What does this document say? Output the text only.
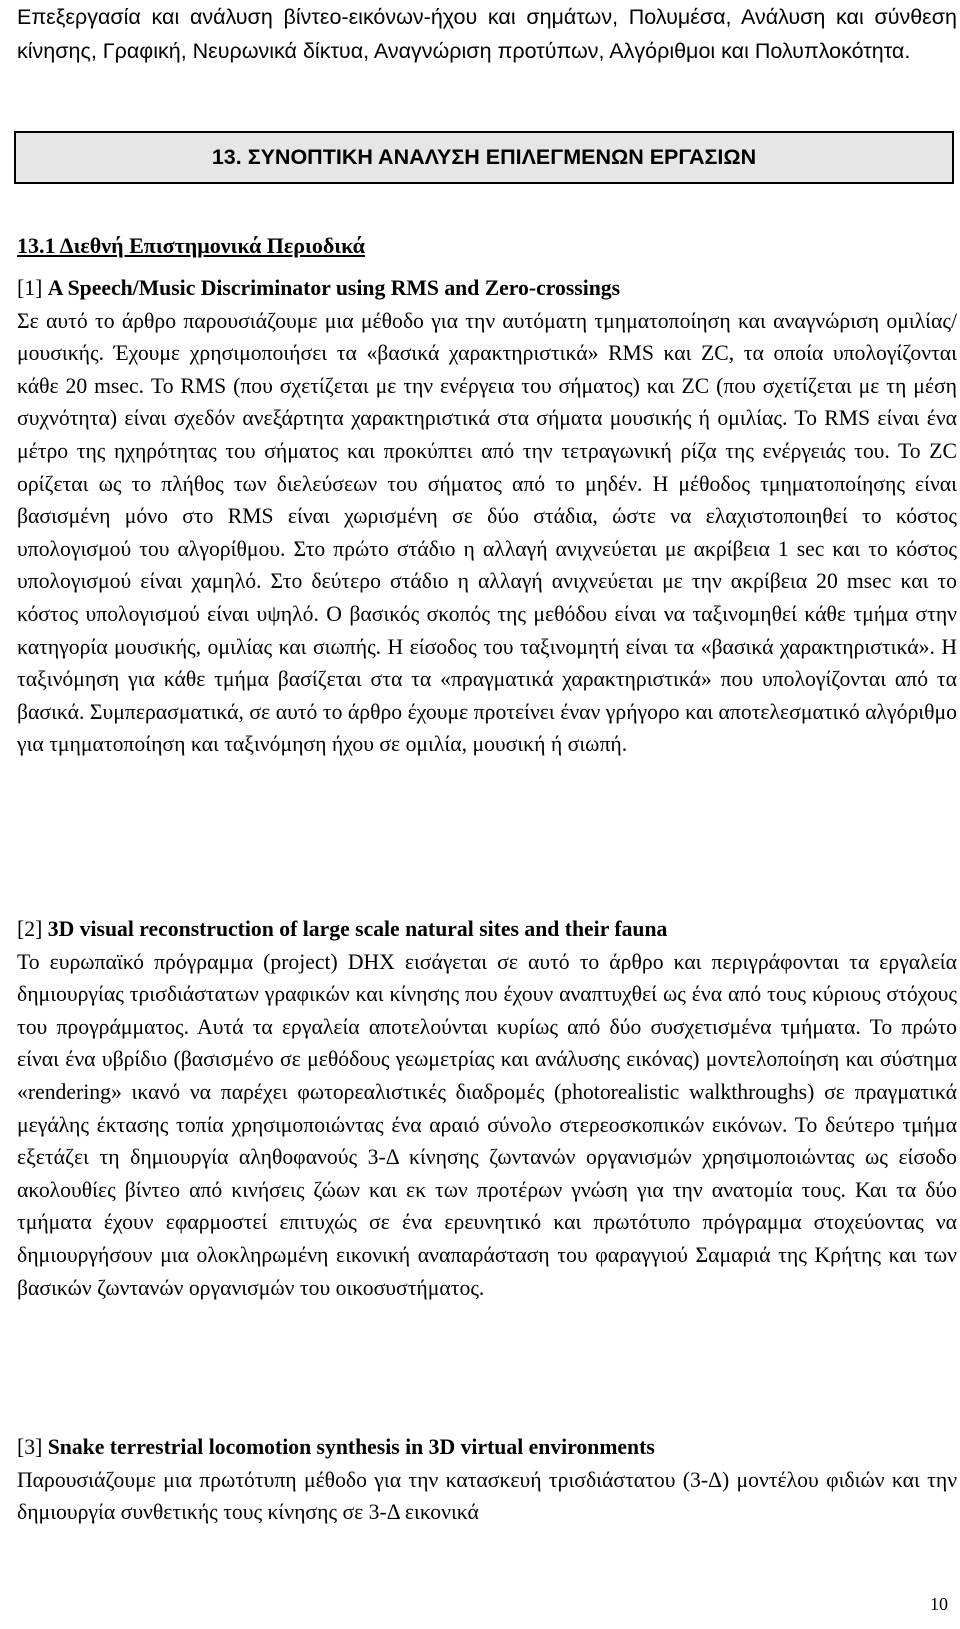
Επεξεργασία και ανάλυση βίντεο-εικόνων-ήχου και σημάτων, Πολυμέσα, Ανάλυση και σύνθεση κίνησης, Γραφική, Νευρωνικά δίκτυα, Αναγνώριση προτύπων, Αλγόριθμοι και Πολυπλοκότητα.
13. ΣΥΝΟΠΤΙΚΗ ΑΝΑΛΥΣΗ ΕΠΙΛΕΓΜΕΝΩΝ ΕΡΓΑΣΙΩΝ
13.1 Διεθνή Επιστημονικά Περιοδικά
[1] A Speech/Music Discriminator using RMS and Zero-crossings

Σε αυτό το άρθρο παρουσιάζουμε μια μέθοδο για την αυτόματη τμηματοποίηση και αναγνώριση ομιλίας/μουσικής. Έχουμε χρησιμοποιήσει τα «βασικά χαρακτηριστικά» RMS και ZC, τα οποία υπολογίζονται κάθε 20 msec. Το RMS (που σχετίζεται με την ενέργεια του σήματος) και ZC (που σχετίζεται με τη μέση συχνότητα) είναι σχεδόν ανεξάρτητα χαρακτηριστικά στα σήματα μουσικής ή ομιλίας. Το RMS είναι ένα μέτρο της ηχηρότητας του σήματος και προκύπτει από την τετραγωνική ρίζα της ενέργειάς του. Το ZC ορίζεται ως το πλήθος των διελεύσεων του σήματος από το μηδέν. Η μέθοδος τμηματοποίησης είναι βασισμένη μόνο στο RMS είναι χωρισμένη σε δύο στάδια, ώστε να ελαχιστοποιηθεί το κόστος υπολογισμού του αλγορίθμου. Στο πρώτο στάδιο η αλλαγή ανιχνεύεται με ακρίβεια 1 sec και το κόστος υπολογισμού είναι χαμηλό. Στο δεύτερο στάδιο η αλλαγή ανιχνεύεται με την ακρίβεια 20 msec και το κόστος υπολογισμού είναι υψηλό. Ο βασικός σκοπός της μεθόδου είναι να ταξινομηθεί κάθε τμήμα στην κατηγορία μουσικής, ομιλίας και σιωπής. Η είσοδος του ταξινομητή είναι τα «βασικά χαρακτηριστικά». Η ταξινόμηση για κάθε τμήμα βασίζεται στα τα «πραγματικά χαρακτηριστικά» που υπολογίζονται από τα βασικά. Συμπερασματικά, σε αυτό το άρθρο έχουμε προτείνει έναν γρήγορο και αποτελεσματικό αλγόριθμο για τμηματοποίηση και ταξινόμηση ήχου σε ομιλία, μουσική ή σιωπή.

[2] 3D visual reconstruction of large scale natural sites and their fauna

Το ευρωπαϊκό πρόγραμμα (project) DHX εισάγεται σε αυτό το άρθρο και περιγράφονται τα εργαλεία δημιουργίας τρισδιάστατων γραφικών και κίνησης που έχουν αναπτυχθεί ως ένα από τους κύριους στόχους του προγράμματος. Αυτά τα εργαλεία αποτελούνται κυρίως από δύο συσχετισμένα τμήματα. Το πρώτο είναι ένα υβρίδιο (βασισμένο σε μεθόδους γεωμετρίας και ανάλυσης εικόνας) μοντελοποίηση και σύστημα «rendering» ικανό να παρέχει φωτορεαλιστικές διαδρομές (photorealistic walkthroughs) σε πραγματικά μεγάλης έκτασης τοπία χρησιμοποιώντας ένα αραιό σύνολο στερεοσκοπικών εικόνων. Το δεύτερο τμήμα εξετάζει τη δημιουργία αληθοφανούς 3-Δ κίνησης ζωντανών οργανισμών χρησιμοποιώντας ως είσοδο ακολουθίες βίντεο από κινήσεις ζώων και εκ των προτέρων γνώση για την ανατομία τους. Και τα δύο τμήματα έχουν εφαρμοστεί επιτυχώς σε ένα ερευνητικό και πρωτότυπο πρόγραμμα στοχεύοντας να δημιουργήσουν μια ολοκληρωμένη εικονική αναπαράσταση του φαραγγιού Σαμαριά της Κρήτης και των βασικών ζωντανών οργανισμών του οικοσυστήματος.

[3] Snake terrestrial locomotion synthesis in 3D virtual environments

Παρουσιάζουμε μια πρωτότυπη μέθοδο για την κατασκευή τρισδιάστατου (3-Δ) μοντέλου φιδιών και την δημιουργία συνθετικής τους κίνησης σε 3-Δ εικονικά

10
